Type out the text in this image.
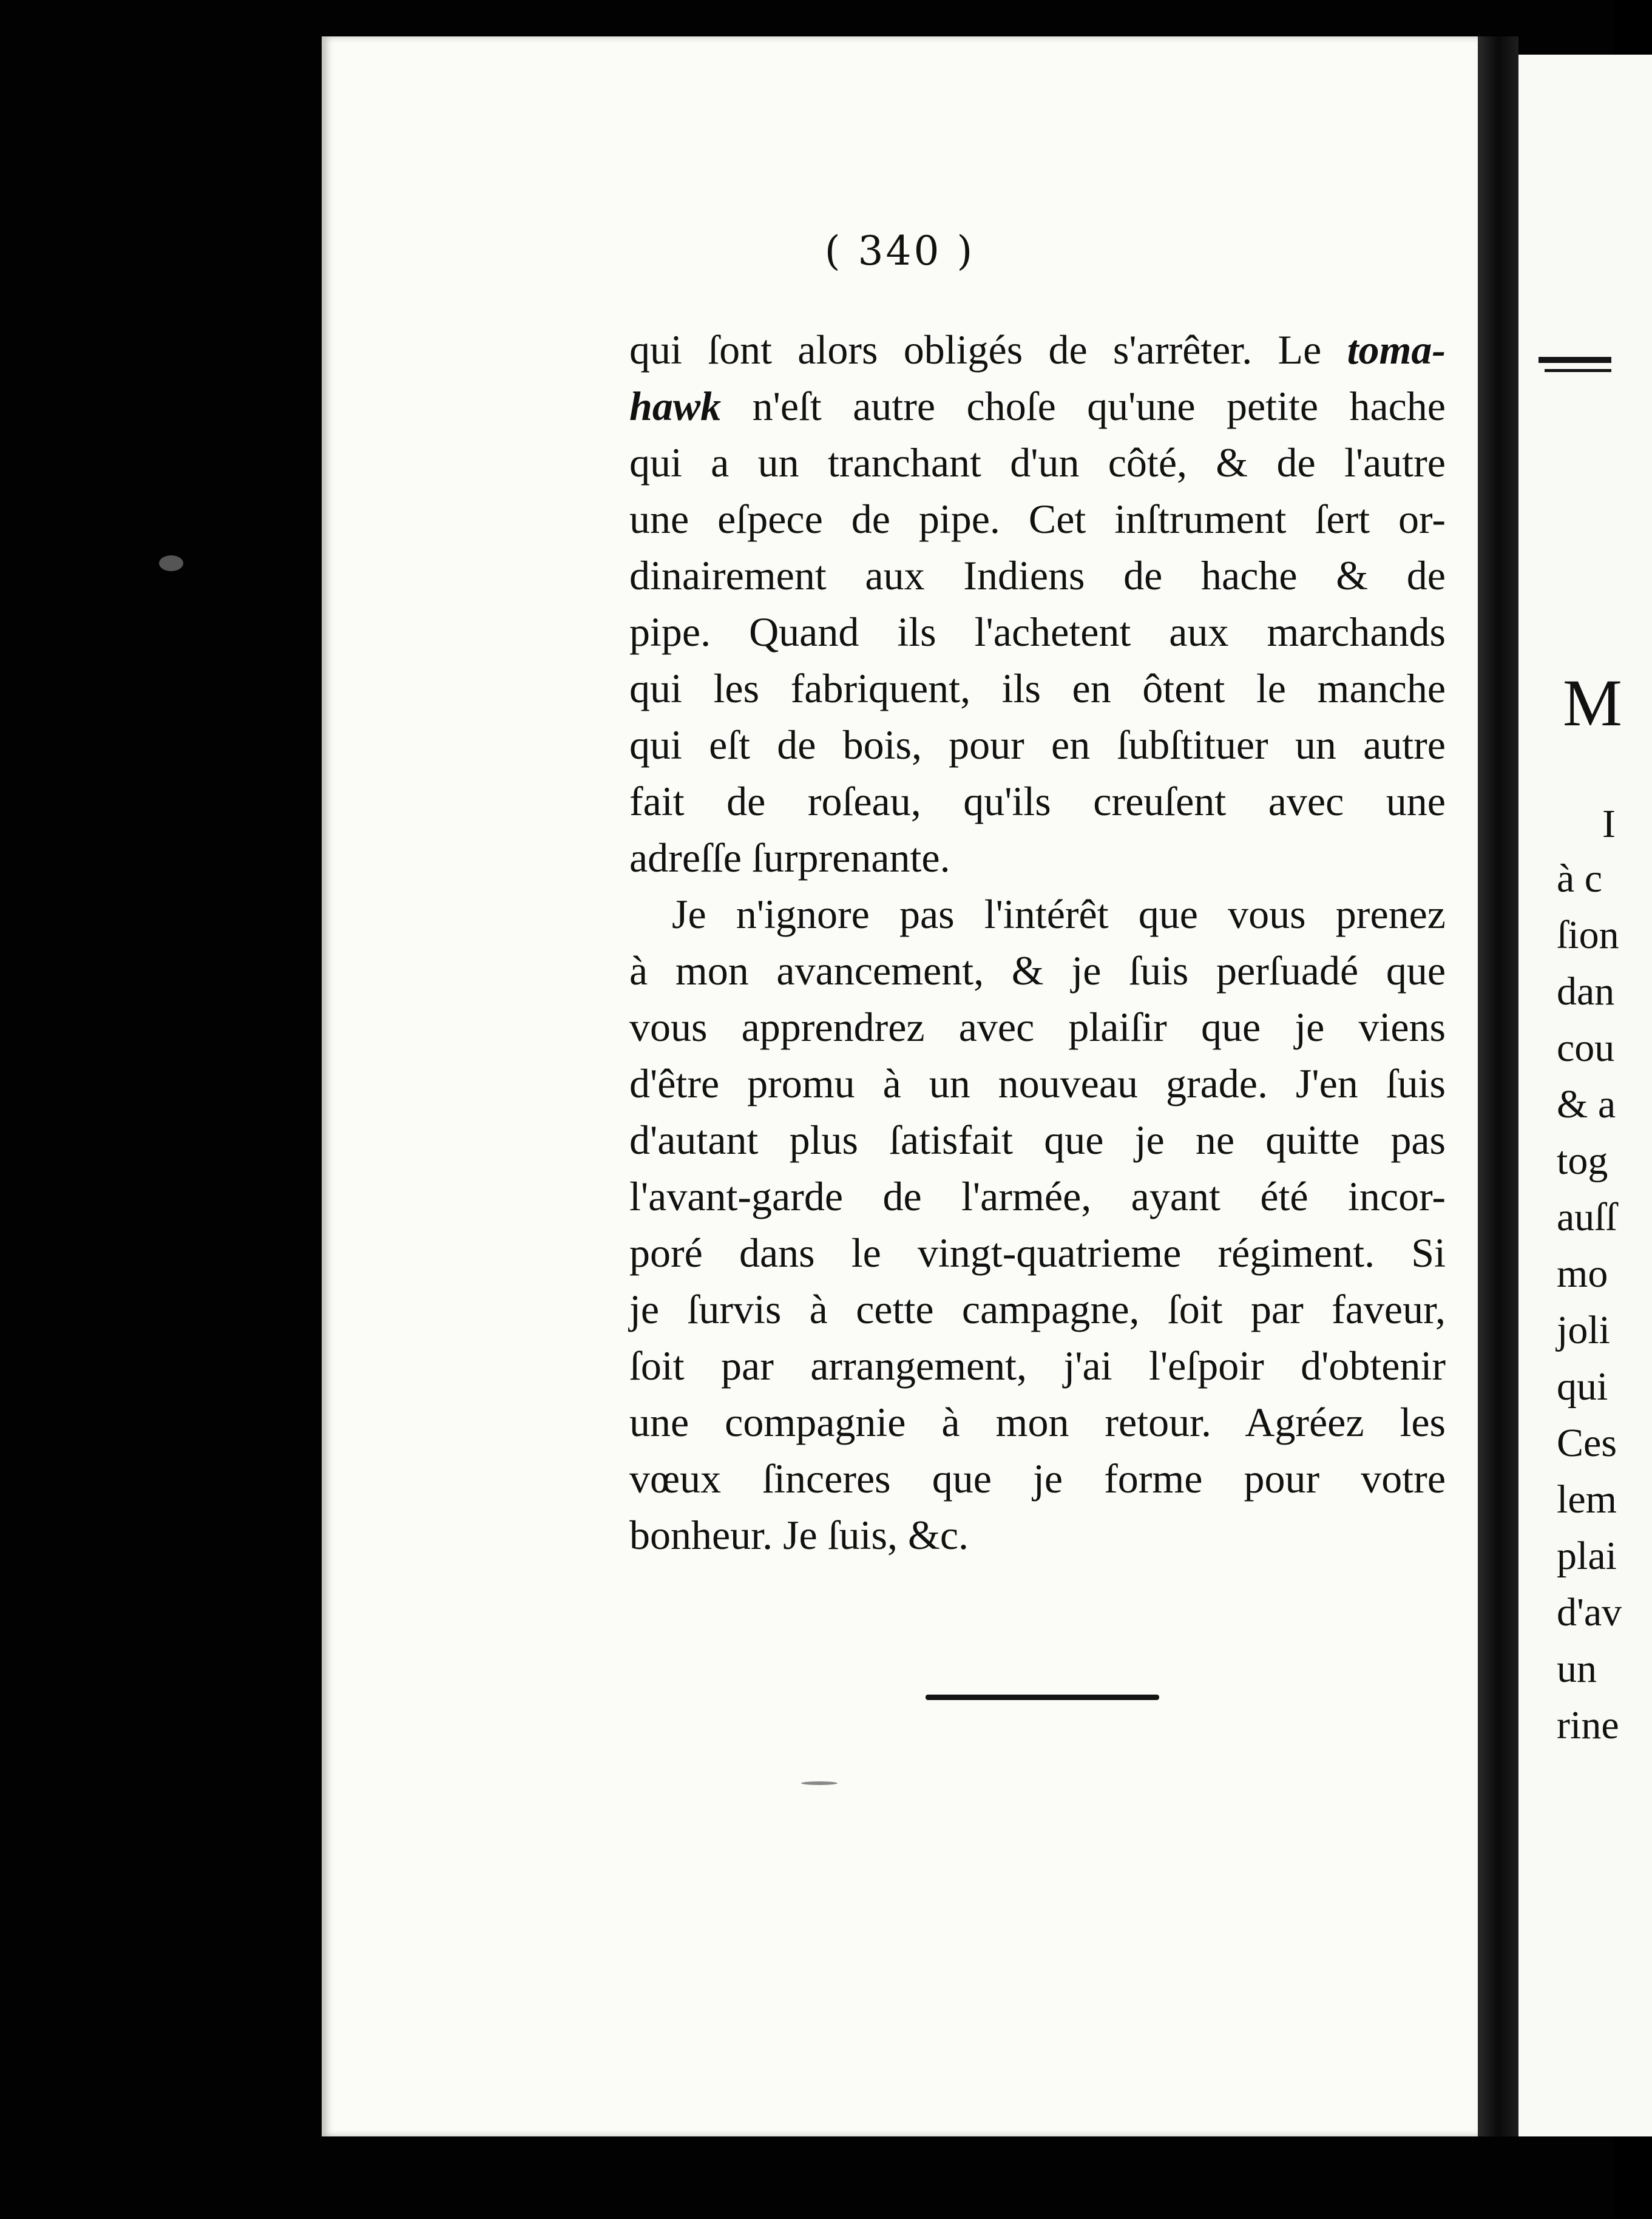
( 340 )
qui ſont alors obligés de s'arrêter. Le toma-
hawk n'eſt autre choſe qu'une petite hache
qui a un tranchant d'un côté, & de l'autre
une eſpece de pipe. Cet inſtrument ſert or-
dinairement aux Indiens de hache & de
pipe. Quand ils l'achetent aux marchands
qui les fabriquent, ils en ôtent le manche
qui eſt de bois, pour en ſubſtituer un autre
fait de roſeau, qu'ils creuſent avec une
adreſſe ſurprenante.
Je n'ignore pas l'intérêt que vous prenez
à mon avancement, & je ſuis perſuadé que
vous apprendrez avec plaiſir que je viens
d'être promu à un nouveau grade. J'en ſuis
d'autant plus ſatisfait que je ne quitte pas
l'avant-garde de l'armée, ayant été incor-
poré dans le vingt-quatrieme régiment. Si
je ſurvis à cette campagne, ſoit par faveur,
ſoit par arrangement, j'ai l'eſpoir d'obtenir
une compagnie à mon retour. Agréez les
vœux ſinceres que je forme pour votre
bonheur. Je ſuis, &c.
M
I
à c
ſion
dan
cou
& a
tog
auſſ
mo
joli
qui
Ces
lem
plai
d'av
un
rine
